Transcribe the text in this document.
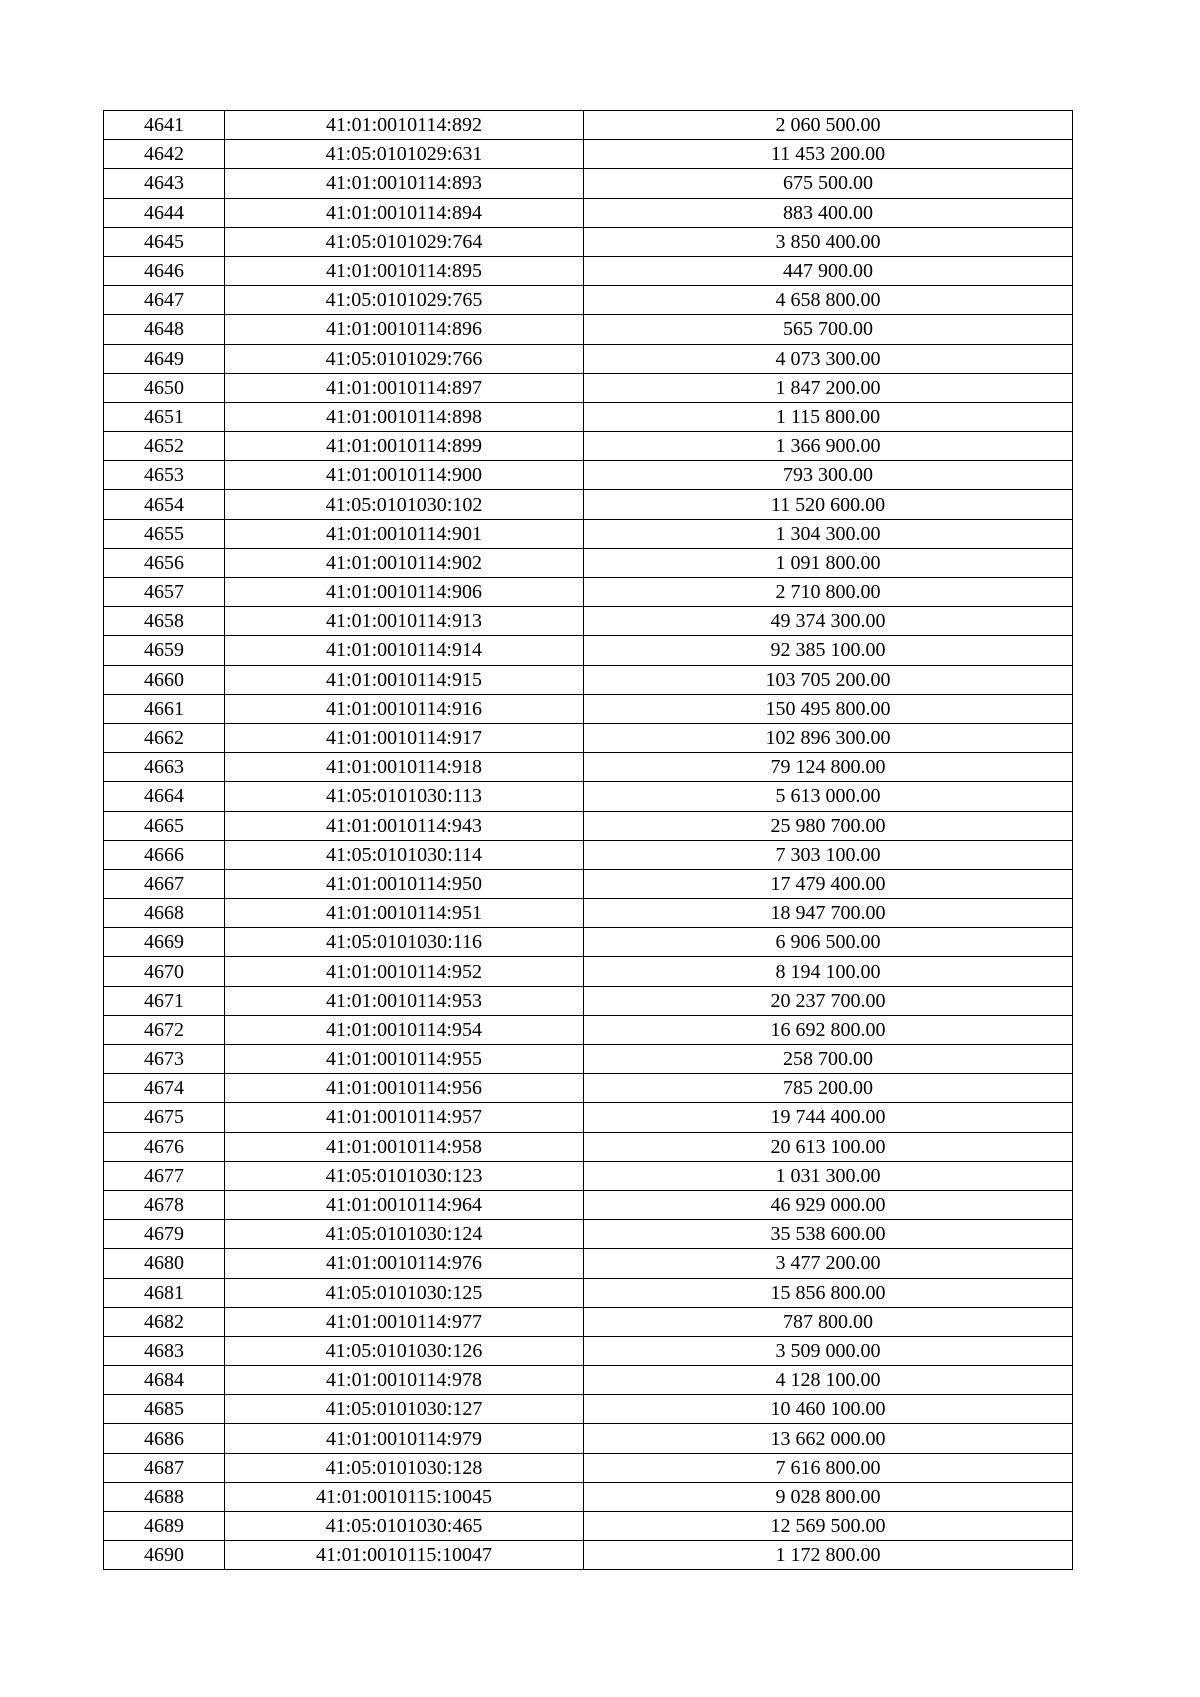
4641	41:01:0010114:892	2 060 500.00
4642	41:05:0101029:631	11 453 200.00
4643	41:01:0010114:893	675 500.00
4644	41:01:0010114:894	883 400.00
4645	41:05:0101029:764	3 850 400.00
4646	41:01:0010114:895	447 900.00
4647	41:05:0101029:765	4 658 800.00
4648	41:01:0010114:896	565 700.00
4649	41:05:0101029:766	4 073 300.00
4650	41:01:0010114:897	1 847 200.00
4651	41:01:0010114:898	1 115 800.00
4652	41:01:0010114:899	1 366 900.00
4653	41:01:0010114:900	793 300.00
4654	41:05:0101030:102	11 520 600.00
4655	41:01:0010114:901	1 304 300.00
4656	41:01:0010114:902	1 091 800.00
4657	41:01:0010114:906	2 710 800.00
4658	41:01:0010114:913	49 374 300.00
4659	41:01:0010114:914	92 385 100.00
4660	41:01:0010114:915	103 705 200.00
4661	41:01:0010114:916	150 495 800.00
4662	41:01:0010114:917	102 896 300.00
4663	41:01:0010114:918	79 124 800.00
4664	41:05:0101030:113	5 613 000.00
4665	41:01:0010114:943	25 980 700.00
4666	41:05:0101030:114	7 303 100.00
4667	41:01:0010114:950	17 479 400.00
4668	41:01:0010114:951	18 947 700.00
4669	41:05:0101030:116	6 906 500.00
4670	41:01:0010114:952	8 194 100.00
4671	41:01:0010114:953	20 237 700.00
4672	41:01:0010114:954	16 692 800.00
4673	41:01:0010114:955	258 700.00
4674	41:01:0010114:956	785 200.00
4675	41:01:0010114:957	19 744 400.00
4676	41:01:0010114:958	20 613 100.00
4677	41:05:0101030:123	1 031 300.00
4678	41:01:0010114:964	46 929 000.00
4679	41:05:0101030:124	35 538 600.00
4680	41:01:0010114:976	3 477 200.00
4681	41:05:0101030:125	15 856 800.00
4682	41:01:0010114:977	787 800.00
4683	41:05:0101030:126	3 509 000.00
4684	41:01:0010114:978	4 128 100.00
4685	41:05:0101030:127	10 460 100.00
4686	41:01:0010114:979	13 662 000.00
4687	41:05:0101030:128	7 616 800.00
4688	41:01:0010115:10045	9 028 800.00
4689	41:05:0101030:465	12 569 500.00
4690	41:01:0010115:10047	1 172 800.00
